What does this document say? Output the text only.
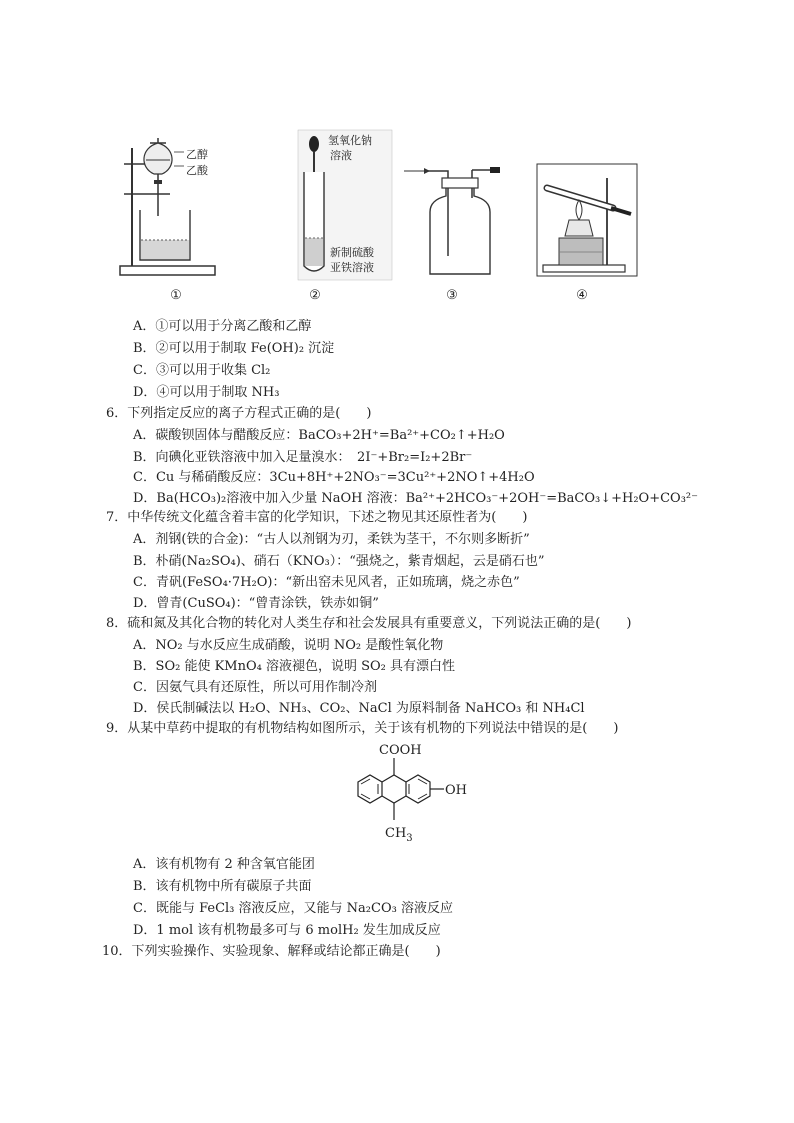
乙醇
乙酸
①
氢氧化钠
溶液
新制硫酸
亚铁溶液
②	③	④
A．①可以用于分离乙酸和乙醇
B．②可以用于制取 Fe(OH)₂ 沉淀
C．③可以用于收集 Cl₂
D．④可以用于制取 NH₃
6．下列指定反应的离子方程式正确的是(　　)
A．碳酸钡固体与醋酸反应：BaCO₃+2H⁺=Ba²⁺+CO₂↑+H₂O
B．向碘化亚铁溶液中加入足量溴水：　2I⁻+Br₂=I₂+2Br⁻
C．Cu 与稀硝酸反应：3Cu+8H⁺+2NO₃⁻=3Cu²⁺+2NO↑+4H₂O
D．Ba(HCO₃)₂溶液中加入少量 NaOH 溶液：Ba²⁺+2HCO₃⁻+2OH⁻=BaCO₃↓+H₂O+CO₃²⁻
7．中华传统文化蕴含着丰富的化学知识，下述之物见其还原性者为(　　)
A．剂钢(铁的合金)：“古人以剂钢为刃，柔铁为茎干，不尔则多断折”
B．朴硝(Na₂SO₄)、硝石（KNO₃）：“强烧之，紫青烟起，云是硝石也”
C．青矾(FeSO₄·7H₂O)：“新出窑未见风者，正如琉璃，烧之赤色”
D．曾青(CuSO₄)：“曾青涂铁，铁赤如铜”
8．硫和氮及其化合物的转化对人类生存和社会发展具有重要意义，下列说法正确的是(　　)
A．NO₂ 与水反应生成硝酸，说明 NO₂ 是酸性氧化物
B．SO₂ 能使 KMnO₄ 溶液褪色，说明 SO₂ 具有漂白性
C．因氨气具有还原性，所以可用作制冷剂
D．侯氏制碱法以 H₂O、NH₃、CO₂、NaCl 为原料制备 NaHCO₃ 和 NH₄Cl
9．从某中草药中提取的有机物结构如图所示，关于该有机物的下列说法中错误的是(　　)
COOH
OH
$CH_3$
A．该有机物有 2 种含氧官能团
B．该有机物中所有碳原子共面
C．既能与 FeCl₃ 溶液反应，又能与 Na₂CO₃ 溶液反应
D．1 mol 该有机物最多可与 6 molH₂ 发生加成反应
10．下列实验操作、实验现象、解释或结论都正确是(　　)
